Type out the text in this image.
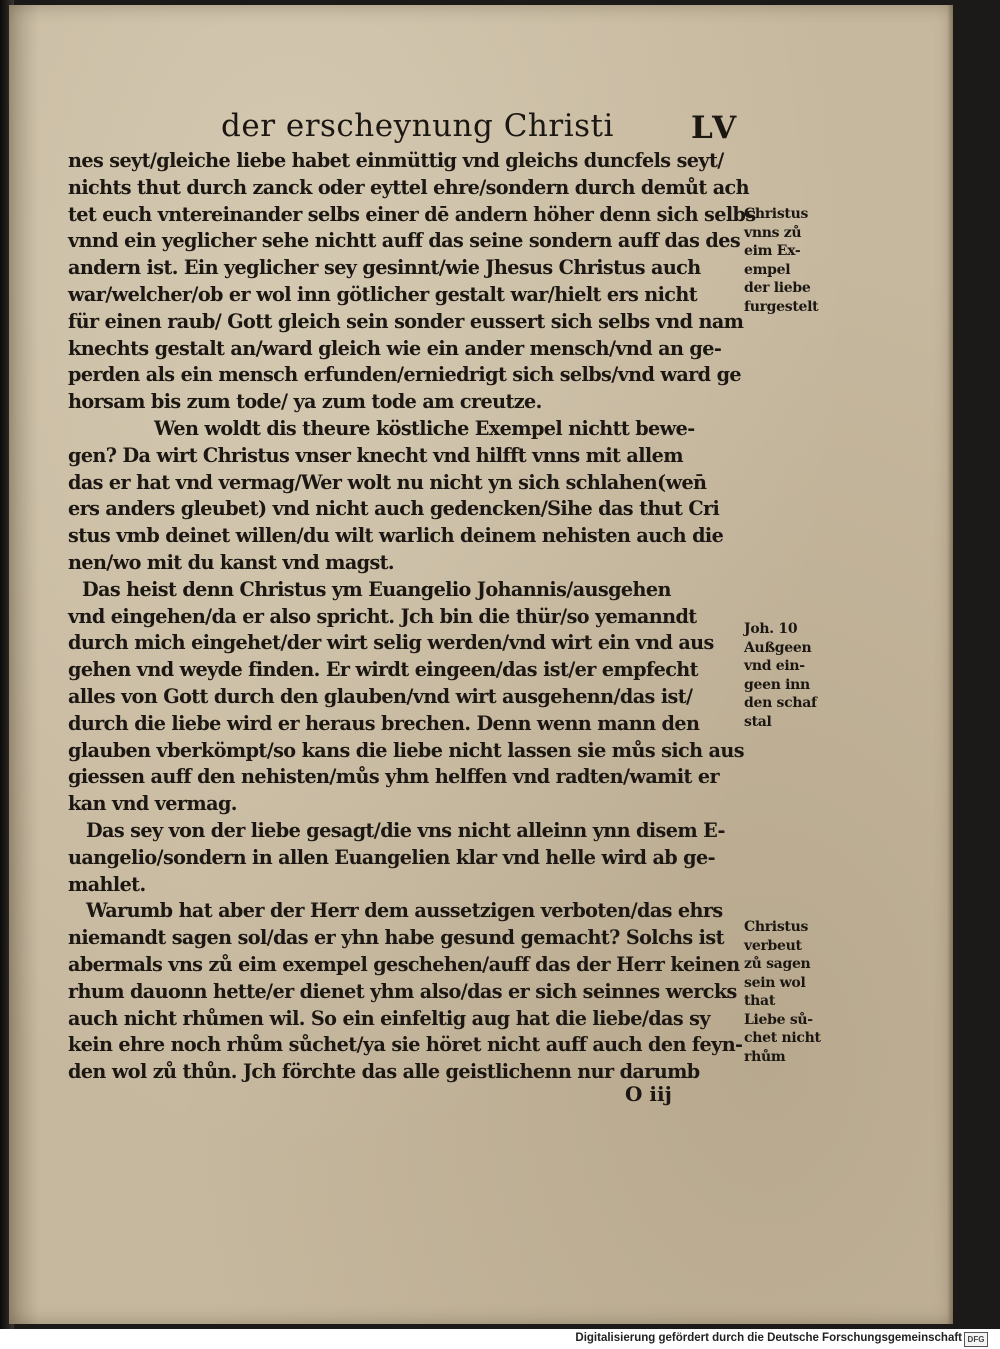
der erscheynung Christi LV
nes seyt/gleiche liebe habet einmüttig vnd gleichs duncfels seyt/
nichts thut durch zanck oder eyttel ehre/sondern durch demůt ach
tet euch vntereinander selbs einer dē andern höher denn sich selbs
vnnd ein yeglicher sehe nichtt auff das seine sondern auff das des
andern ist. Ein yeglicher sey gesinnt/wie Jhesus Christus auch
war/welcher/ob er wol inn götlicher gestalt war/hielt ers nicht
für einen raub/ Gott gleich sein sonder eussert sich selbs vnd nam
knechts gestalt an/ward gleich wie ein ander mensch/vnd an ge-
perden als ein mensch erfunden/erniedrigt sich selbs/vnd ward ge
horsam bis zum tode/ ya zum tode am creutze.
Wen woldt dis theure köstliche Exempel nichtt bewe-
gen? Da wirt Christus vnser knecht vnd hilfft vnns mit allem
das er hat vnd vermag/Wer wolt nu nicht yn sich schlahen(wen̄
ers anders gleubet) vnd nicht auch gedencken/Sihe das thut Cri
stus vmb deinet willen/du wilt warlich deinem nehisten auch die
nen/wo mit du kanst vnd magst.
Das heist denn Christus ym Euangelio Johannis/ausgehen
vnd eingehen/da er also spricht. Jch bin die thür/so yemanndt
durch mich eingehet/der wirt selig werden/vnd wirt ein vnd aus
gehen vnd weyde finden. Er wirdt eingeen/das ist/er empfecht
alles von Gott durch den glauben/vnd wirt ausgehenn/das ist/
durch die liebe wird er heraus brechen. Denn wenn mann den
glauben vberkömpt/so kans die liebe nicht lassen sie můs sich aus
giessen auff den nehisten/můs yhm helffen vnd radten/wamit er
kan vnd vermag.
Das sey von der liebe gesagt/die vns nicht alleinn ynn disem E-
uangelio/sondern in allen Euangelien klar vnd helle wird ab ge-
mahlet.
Warumb hat aber der Herr dem aussetzigen verboten/das ehrs
niemandt sagen sol/das er yhn habe gesund gemacht? Solchs ist
abermals vns zů eim exempel geschehen/auff das der Herr keinen
rhum dauonn hette/er dienet yhm also/das er sich seinnes wercks
auch nicht rhůmen wil. So ein einfeltig aug hat die liebe/das sy
kein ehre noch rhům sůchet/ya sie höret nicht auff auch den feyn-
den wol zů thůn. Jch förchte das alle geistlichenn nur darumb
Christus
vnns zů
eim Ex-
empel
der liebe
furgestelt
Joh. 10
Außgeen
vnd ein-
geen inn
den schaf
stal
Christus
verbeut
zů sagen
sein wol
that
Liebe sů-
chet nicht
rhům
O iij
Digitalisierung gefördert durch die Deutsche Forschungsgemeinschaft DFG
